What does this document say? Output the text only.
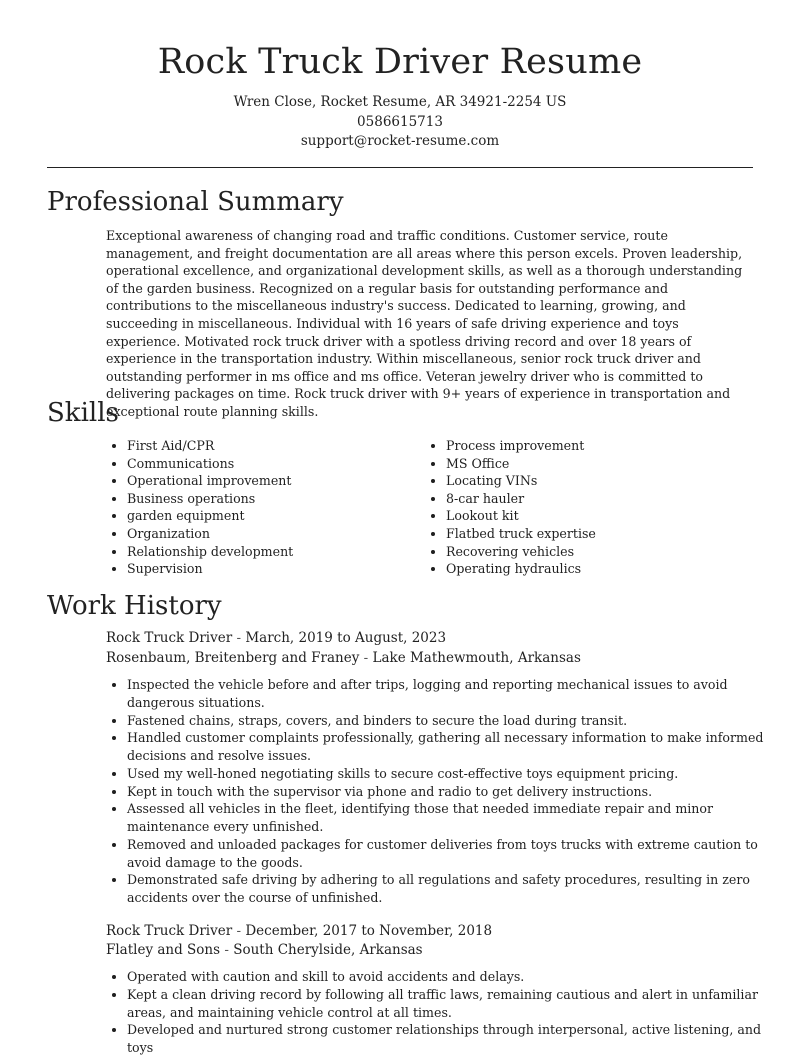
Rock Truck Driver Resume
Wren Close, Rocket Resume, AR 34921-2254 US
0586615713
support@rocket-resume.com
Professional Summary

Exceptional awareness of changing road and traffic conditions. Customer service, route management, and freight documentation are all areas where this person excels. Proven leadership, operational excellence, and organizational development skills, as well as a thorough understanding of the garden business. Recognized on a regular basis for outstanding performance and contributions to the miscellaneous industry's success. Dedicated to learning, growing, and succeeding in miscellaneous. Individual with 16 years of safe driving experience and toys experience. Motivated rock truck driver with a spotless driving record and over 18 years of experience in the transportation industry. Within miscellaneous, senior rock truck driver and outstanding performer in ms office and ms office. Veteran jewelry driver who is committed to delivering packages on time. Rock truck driver with 9+ years of experience in transportation and exceptional route planning skills.

Skills
• First Aid/CPR
• Communications
• Operational improvement
• Business operations
• garden equipment
• Organization
• Relationship development
• Supervision
• Process improvement
• MS Office
• Locating VINs
• 8-car hauler
• Lookout kit
• Flatbed truck expertise
• Recovering vehicles
• Operating hydraulics
Work History
Rock Truck Driver - March, 2019 to August, 2023
Rosenbaum, Breitenberg and Franey - Lake Mathewmouth, Arkansas
• Inspected the vehicle before and after trips, logging and reporting mechanical issues to avoid dangerous situations.
• Fastened chains, straps, covers, and binders to secure the load during transit.
• Handled customer complaints professionally, gathering all necessary information to make informed decisions and resolve issues.
• Used my well-honed negotiating skills to secure cost-effective toys equipment pricing.
• Kept in touch with the supervisor via phone and radio to get delivery instructions.
• Assessed all vehicles in the fleet, identifying those that needed immediate repair and minor maintenance every unfinished.
• Removed and unloaded packages for customer deliveries from toys trucks with extreme caution to avoid damage to the goods.
• Demonstrated safe driving by adhering to all regulations and safety procedures, resulting in zero accidents over the course of unfinished.
Rock Truck Driver - December, 2017 to November, 2018
Flatley and Sons - South Cherylside, Arkansas
• Operated with caution and skill to avoid accidents and delays.
• Kept a clean driving record by following all traffic laws, remaining cautious and alert in unfamiliar areas, and maintaining vehicle control at all times.
• Developed and nurtured strong customer relationships through interpersonal, active listening, and toys
